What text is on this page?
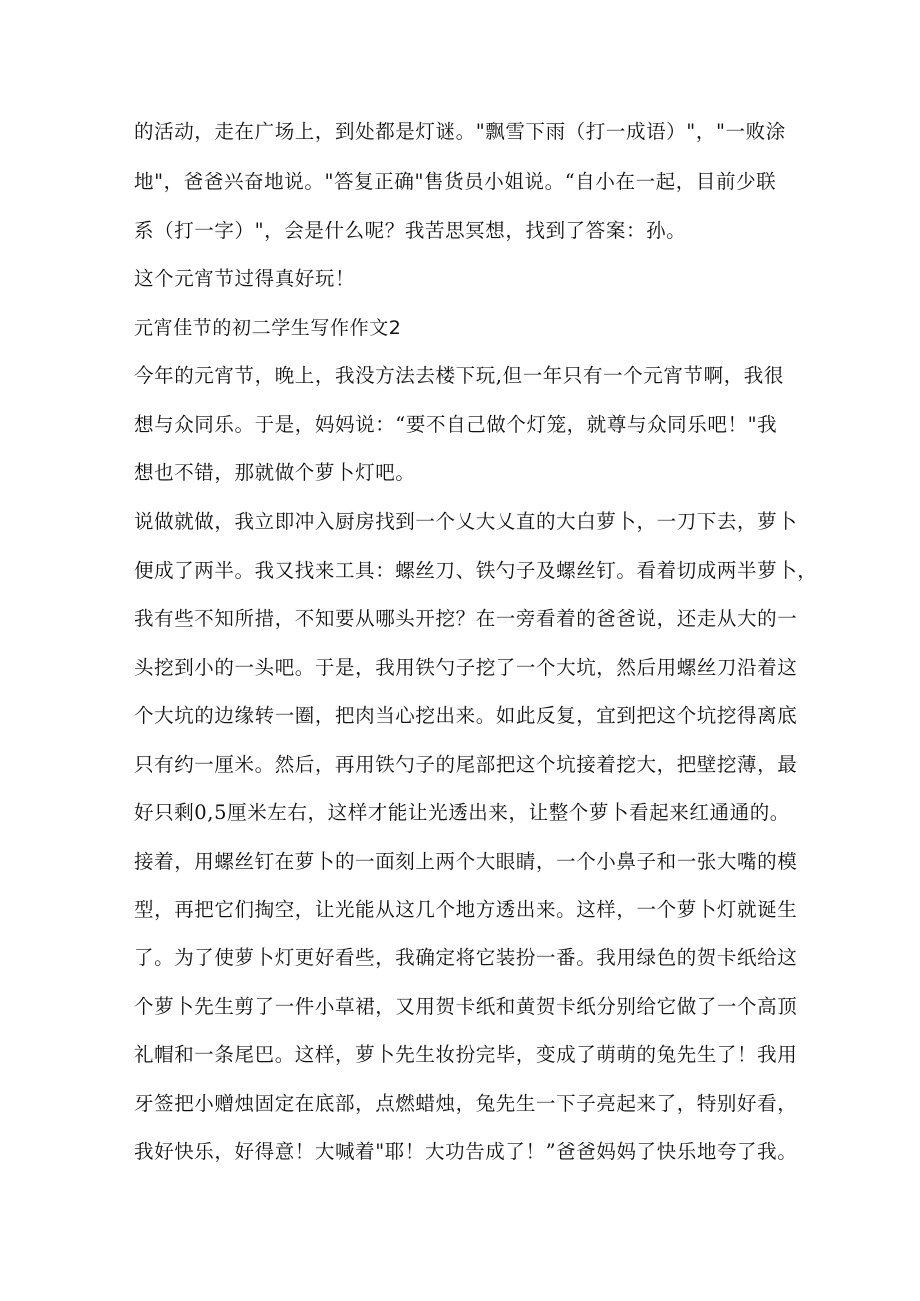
的活动，走在广场上，到处都是灯谜。"飘雪下雨（打一成语）"，"一败涂
地"，爸爸兴奋地说。"答复正确"售货员小姐说。“自小在一起，目前少联
系（打一字）"，会是什么呢？我苦思冥想，找到了答案：孙。
这个元宵节过得真好玩！
元宵佳节的初二学生写作作文2
今年的元宵节，晚上，我没方法去楼下玩,但一年只有一个元宵节啊，我很
想与众同乐。于是，妈妈说：“要不自己做个灯笼，就尊与众同乐吧！"我
想也不错，那就做个萝卜灯吧。
说做就做，我立即冲入厨房找到一个乂大乂直的大白萝卜，一刀下去，萝卜
便成了两半。我又找来工具：螺丝刀、铁勺子及螺丝钉。看着切成两半萝卜，
我有些不知所措，不知要从哪头开挖？在一旁看着的爸爸说，还走从大的一
头挖到小的一头吧。于是，我用铁勺子挖了一个大坑，然后用螺丝刀沿着这
个大坑的边缘转一圈，把肉当心挖出来。如此反复，宜到把这个坑挖得离底
只有约一厘米。然后，再用铁勺子的尾部把这个坑接着挖大，把壁挖薄，最
好只剩0,5厘米左右，这样才能让光透出来，让整个萝卜看起来红通通的。
接着，用螺丝钉在萝卜的一面刻上两个大眼睛，一个小鼻子和一张大嘴的模
型，再把它们掏空，让光能从这几个地方透出来。这样，一个萝卜灯就诞生
了。为了使萝卜灯更好看些，我确定将它装扮一番。我用绿色的贺卡纸给这
个萝卜先生剪了一件小草裙，又用贺卡纸和黄贺卡纸分别给它做了一个高顶
礼帽和一条尾巴。这样，萝卜先生妆扮完毕，变成了萌萌的兔先生了！我用
牙签把小赠烛固定在底部，点燃蜡烛，兔先生一下子亮起来了，特别好看，
我好快乐，好得意！大喊着"耶！大功告成了！”爸爸妈妈了快乐地夸了我。
